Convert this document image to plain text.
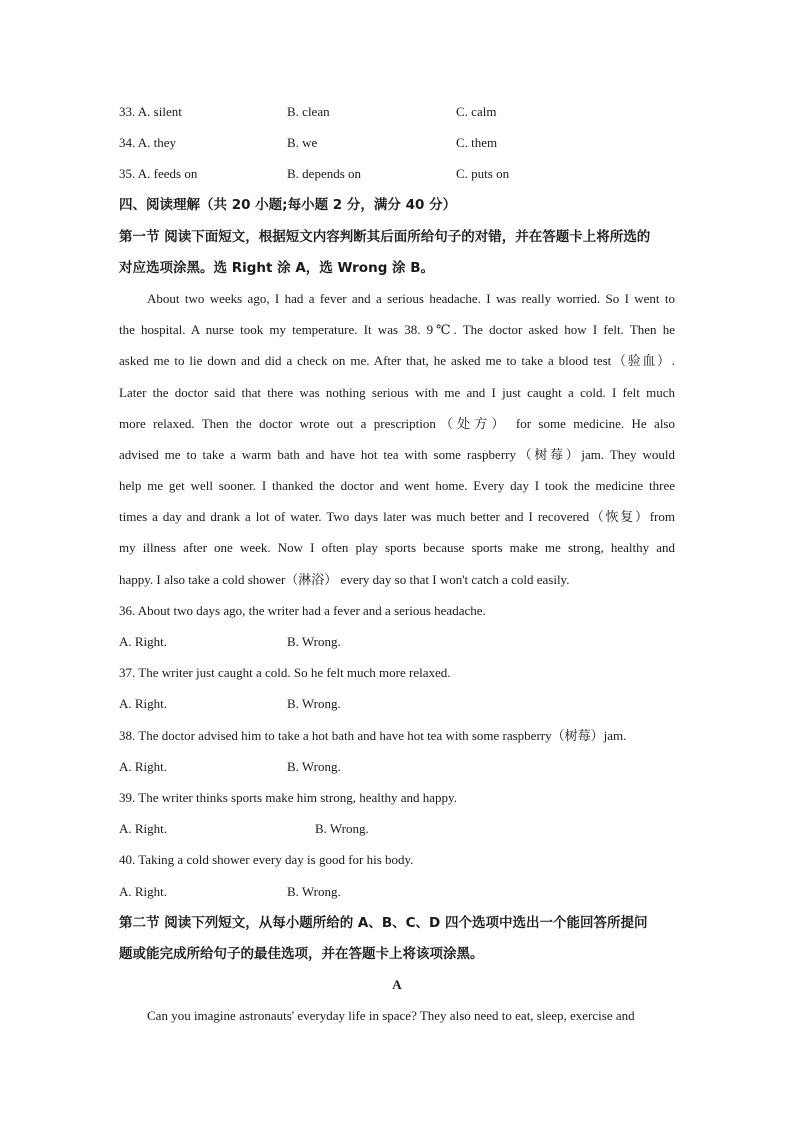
33. A. silent	B. clean	C. calm
34. A. they	B. we	C. them
35. A. feeds on	B. depends on	C. puts on
四、阅读理解（共 20 小题;每小题 2 分，满分 40 分）
第一节 阅读下面短文，根据短文内容判断其后面所给句子的对错，并在答题卡上将所选的
对应选项涂黑。选 Right 涂 A，选 Wrong 涂 B。
About two weeks ago, I had a fever and a serious headache. I was really worried. So I went to
the hospital. A nurse took my temperature. It was 38. 9℃. The doctor asked how I felt. Then he
asked me to lie down and did a check on me. After that, he asked me to take a blood test（验血）.
Later the doctor said that there was nothing serious with me and I just caught a cold. I felt much
more relaxed. Then the doctor wrote out a prescription（处方） for some medicine. He also
advised me to take a warm bath and have hot tea with some raspberry（树莓）jam. They would
help me get well sooner. I thanked the doctor and went home. Every day I took the medicine three
times a day and drank a lot of water. Two days later was much better and I recovered（恢复）from
my illness after one week. Now I often play sports because sports make me strong, healthy and
happy. I also take a cold shower（淋浴） every day so that I won't catch a cold easily.
36. About two days ago, the writer had a fever and a serious headache.
A. Right.	B. Wrong.
37. The writer just caught a cold. So he felt much more relaxed.
A. Right.	B. Wrong.
38. The doctor advised him to take a hot bath and have hot tea with some raspberry（树莓）jam.
A. Right.	B. Wrong.
39. The writer thinks sports make him strong, healthy and happy.
A. Right.	B. Wrong.
40. Taking a cold shower every day is good for his body.
A. Right.	B. Wrong.
第二节 阅读下列短文，从每小题所给的 A、B、C、D 四个选项中选出一个能回答所提问
题或能完成所给句子的最佳选项，并在答题卡上将该项涂黑。
A
Can you imagine astronauts' everyday life in space? They also need to eat, sleep, exercise and
